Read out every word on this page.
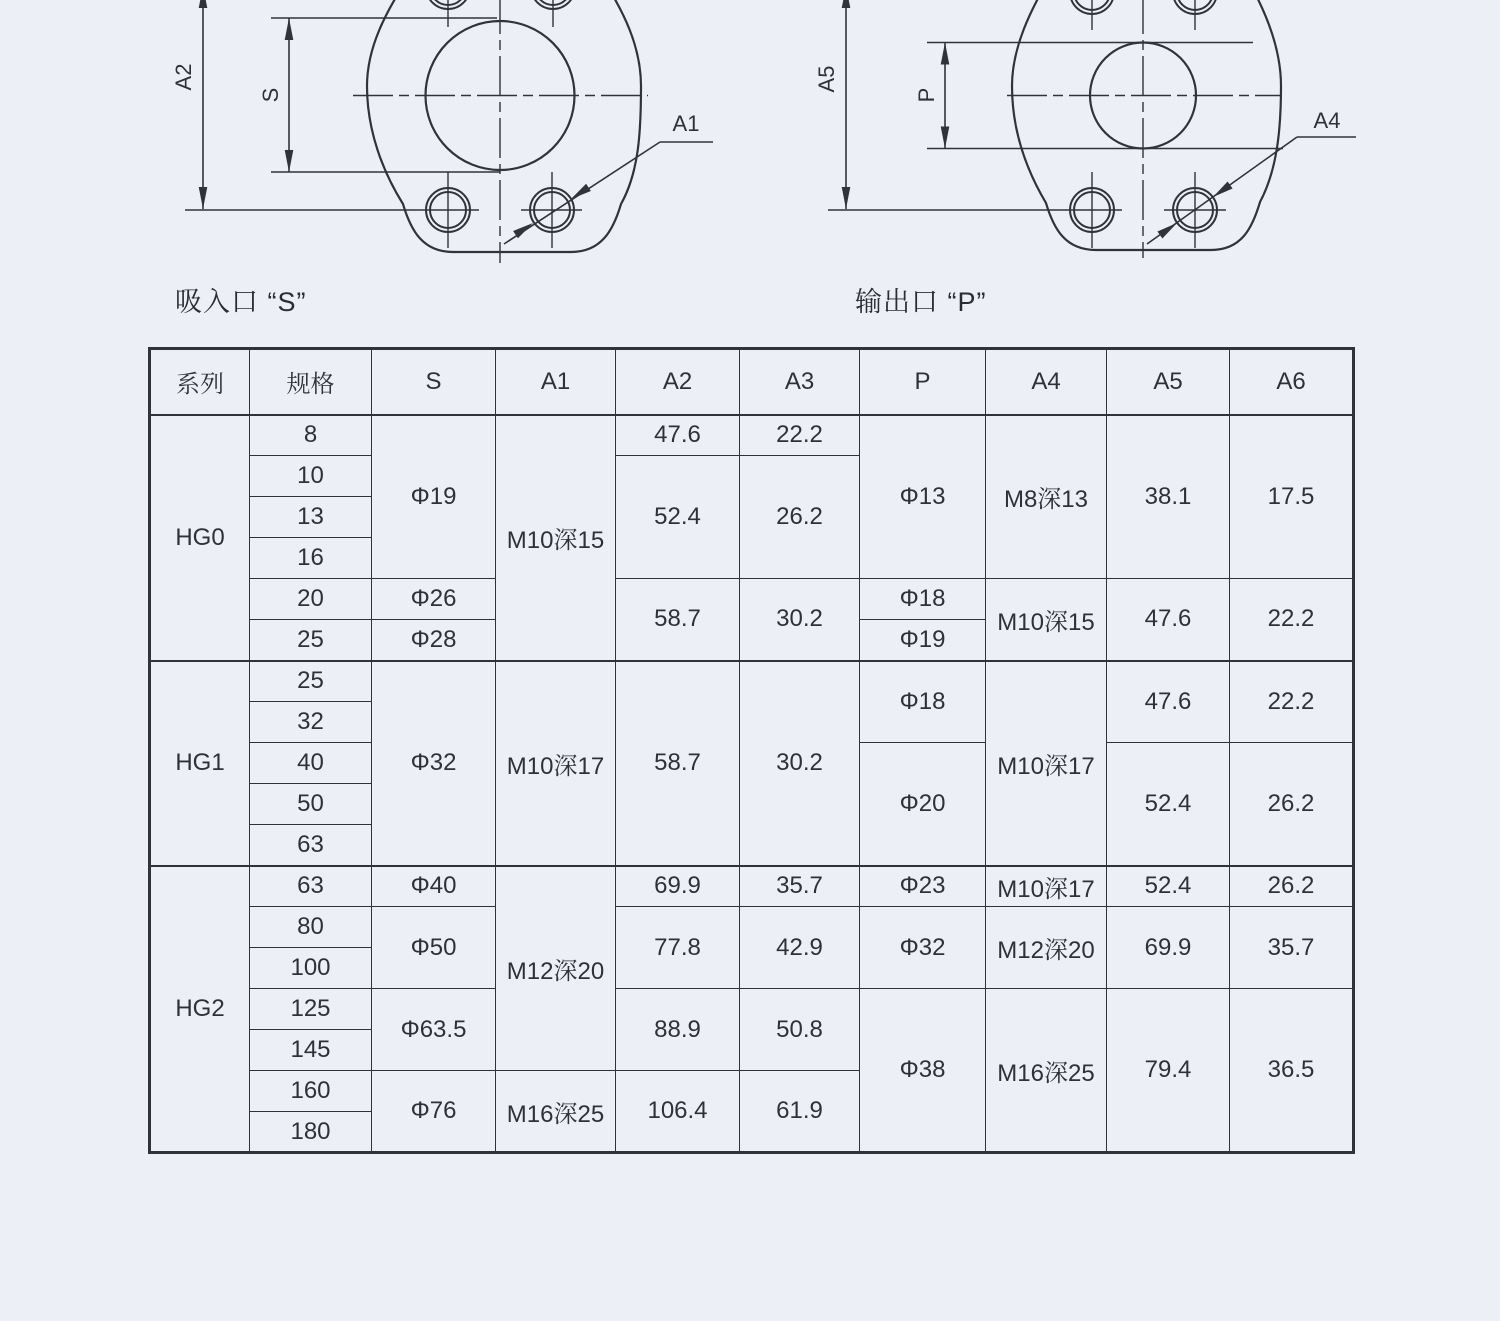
A2
S
A1
A5
P
A4
吸入口 “S”	输出口 “P”
系列	规格	S	A1	A2	A3	P	A4	A5	A6
HG0	8	Φ19	M10深15	47.6	22.2	Φ13	M8深13	38.1	17.5
	10			52.4	26.2				
	13								
	16								
	20	Φ26		58.7	30.2	Φ18	M10深15	47.6	22.2
	25	Φ28				Φ19			
HG1	25	Φ32	M10深17	58.7	30.2	Φ18	M10深17	47.6	22.2
	32								
	40					Φ20		52.4	26.2
	50								
	63								
HG2	63	Φ40	M12深20	69.9	35.7	Φ23	M10深17	52.4	26.2
	80	Φ50		77.8	42.9	Φ32	M12深20	69.9	35.7
	100								
	125	Φ63.5		88.9	50.8	Φ38	M16深25	79.4	36.5
	145								
	160	Φ76	M16深25	106.4	61.9				
	180								
